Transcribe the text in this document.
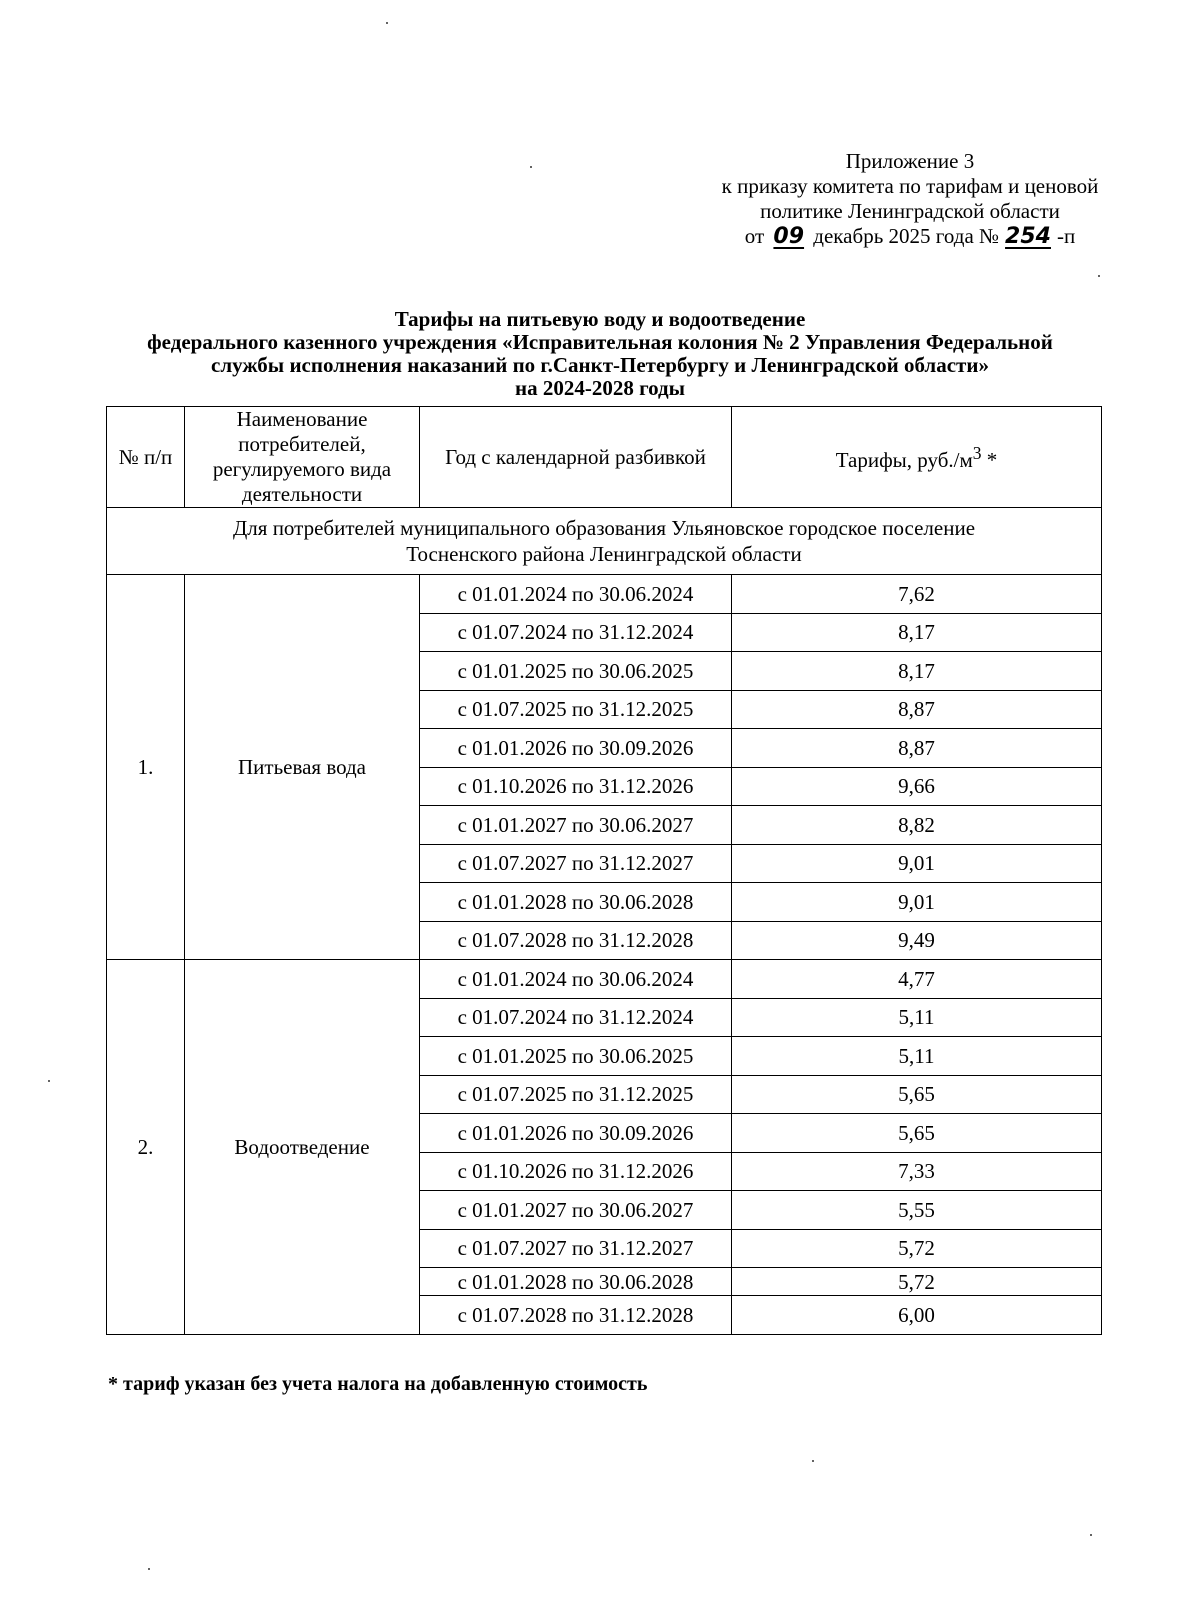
Приложение 3
к приказу комитета по тарифам и ценовой
политике Ленинградской области
от 09 декабрь 2025 года № 254 -п
Тарифы на питьевую воду и водоотведение
федерального казенного учреждения «Исправительная колония № 2 Управления Федеральной
службы исполнения наказаний по г.Санкт-Петербургу и Ленинградской области»
на 2024-2028 годы
№ п/п	Наименование потребителей, регулируемого вида деятельности	Год с календарной разбивкой	Тарифы, $руб./м^3$ *

Для потребителей муниципального образования Ульяновское городское поселение
Тосненского района Ленинградской области			

1.	Питьевая вода	с 01.01.2024 по 30.06.2024	7,62
		с 01.07.2024 по 31.12.2024	8,17
		с 01.01.2025 по 30.06.2025	8,17
		с 01.07.2025 по 31.12.2025	8,87
		с 01.01.2026 по 30.09.2026	8,87
		с 01.10.2026 по 31.12.2026	9,66
		с 01.01.2027 по 30.06.2027	8,82
		с 01.07.2027 по 31.12.2027	9,01
		с 01.01.2028 по 30.06.2028	9,01
		с 01.07.2028 по 31.12.2028	9,49
2.	Водоотведение	с 01.01.2024 по 30.06.2024	4,77
		с 01.07.2024 по 31.12.2024	5,11
		с 01.01.2025 по 30.06.2025	5,11
		с 01.07.2025 по 31.12.2025	5,65
		с 01.01.2026 по 30.09.2026	5,65
		с 01.10.2026 по 31.12.2026	7,33
		с 01.01.2027 по 30.06.2027	5,55
		с 01.07.2027 по 31.12.2027	5,72
		с 01.01.2028 по 30.06.2028	5,72
		с 01.07.2028 по 31.12.2028	6,00
* тариф указан без учета налога на добавленную стоимость
